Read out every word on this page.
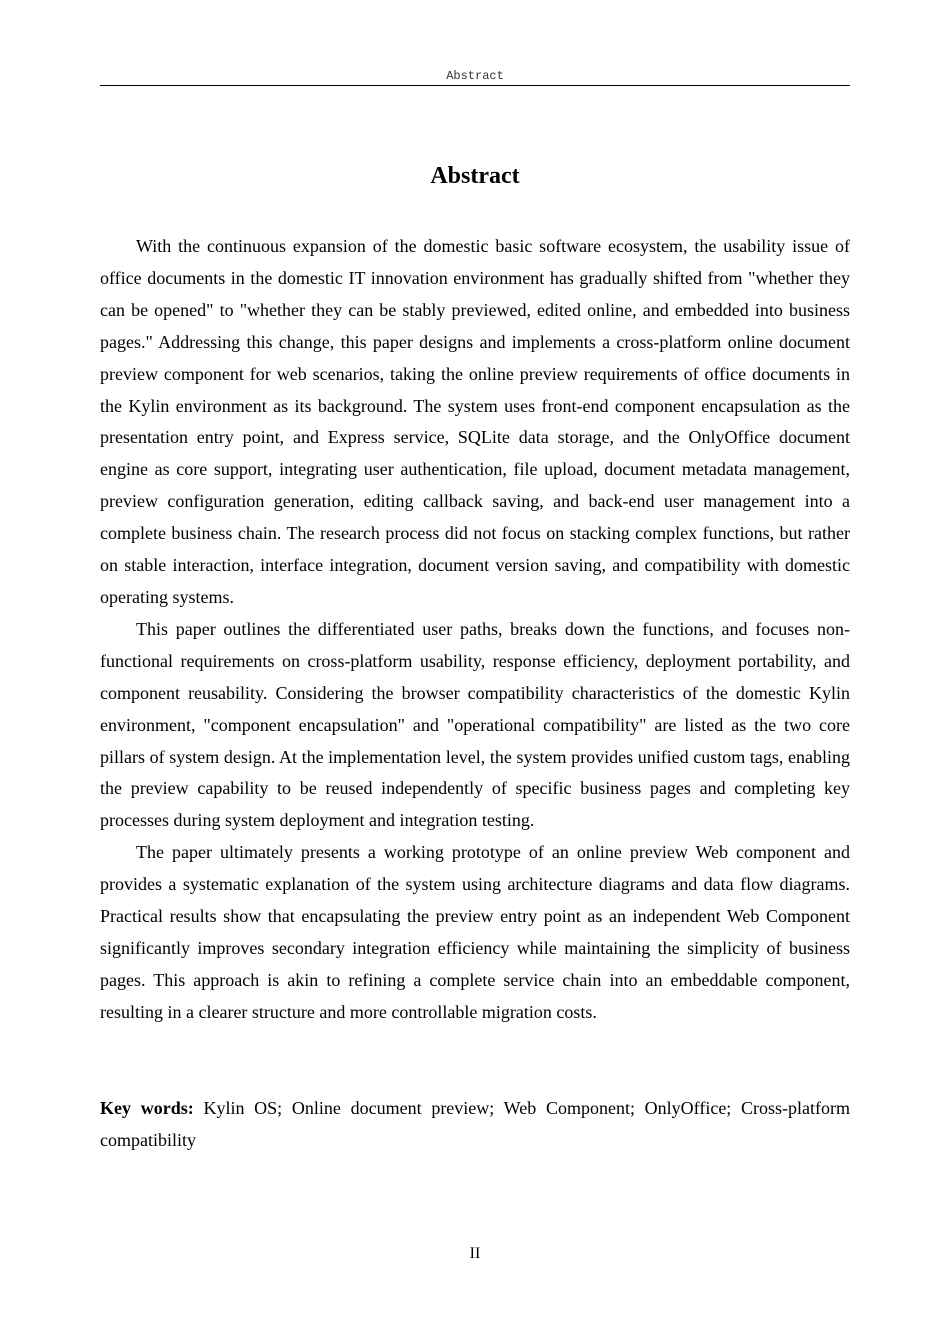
Abstract
Abstract

With the continuous expansion of the domestic basic software ecosystem, the usability issue of office documents in the domestic IT innovation environment has gradually shifted from "whether they can be opened" to "whether they can be stably previewed, edited online, and embedded into business pages." Addressing this change, this paper designs and implements a cross-platform online document preview component for web scenarios, taking the online preview requirements of office documents in the Kylin environment as its background. The system uses front-end component encapsulation as the presentation entry point, and Express service, SQLite data storage, and the OnlyOffice document engine as core support, integrating user authentication, file upload, document metadata management, preview configuration generation, editing callback saving, and back-end user management into a complete business chain. The research process did not focus on stacking complex functions, but rather on stable interaction, interface integration, document version saving, and compatibility with domestic operating systems.

This paper outlines the differentiated user paths, breaks down the functions, and focuses non-functional requirements on cross-platform usability, response efficiency, deployment portability, and component reusability. Considering the browser compatibility characteristics of the domestic Kylin environment, "component encapsulation" and "operational compatibility" are listed as the two core pillars of system design. At the implementation level, the system provides unified custom tags, enabling the preview capability to be reused independently of specific business pages and completing key processes during system deployment and integration testing.

The paper ultimately presents a working prototype of an online preview Web component and provides a systematic explanation of the system using architecture diagrams and data flow diagrams. Practical results show that encapsulating the preview entry point as an independent Web Component significantly improves secondary integration efficiency while maintaining the simplicity of business pages. This approach is akin to refining a complete service chain into an embeddable component, resulting in a clearer structure and more controllable migration costs.

Key words: Kylin OS; Online document preview; Web Component; OnlyOffice; Cross-platform compatibility

II
